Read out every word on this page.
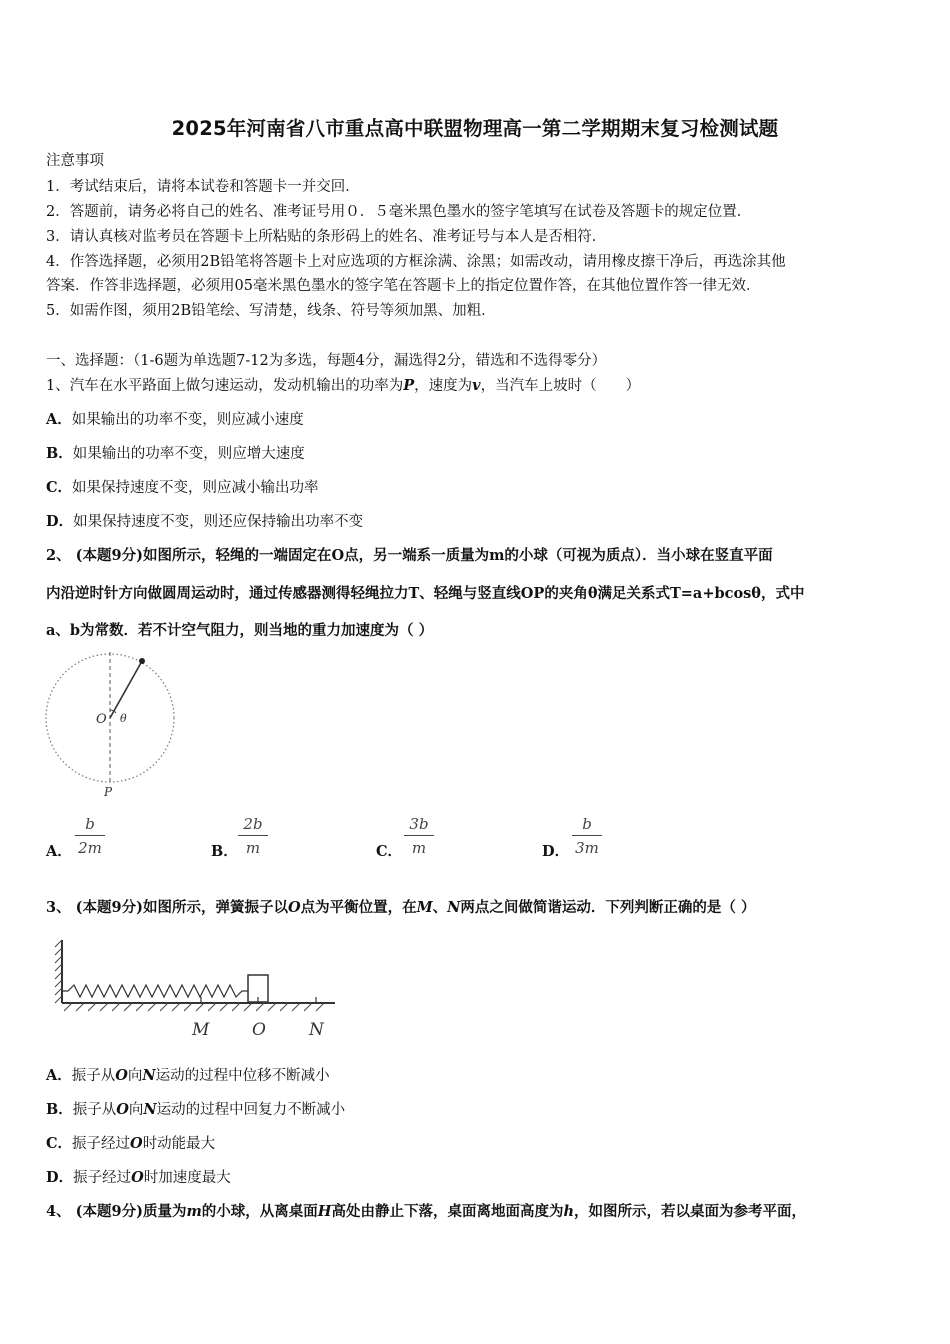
2025年河南省八市重点高中联盟物理高一第二学期期末复习检测试题
注意事项
1．考试结束后，请将本试卷和答题卡一并交回．
2．答题前，请务必将自己的姓名、准考证号用０．５毫米黑色墨水的签字笔填写在试卷及答题卡的规定位置．
3．请认真核对监考员在答题卡上所粘贴的条形码上的姓名、准考证号与本人是否相符．
4．作答选择题，必须用2B铅笔将答题卡上对应选项的方框涂满、涂黑；如需改动，请用橡皮擦干净后，再选涂其他
答案．作答非选择题，必须用05毫米黑色墨水的签字笔在答题卡上的指定位置作答，在其他位置作答一律无效．
5．如需作图，须用2B铅笔绘、写清楚，线条、符号等须加黑、加粗．
一、选择题：（1-6题为单选题7-12为多选，每题4分，漏选得2分，错选和不选得零分）
1、汽车在水平路面上做匀速运动，发动机输出的功率为P，速度为v，当汽车上坡时（　　）
A．如果输出的功率不变，则应减小速度
B．如果输出的功率不变，则应增大速度
C．如果保持速度不变，则应减小输出功率
D．如果保持速度不变，则还应保持输出功率不变
2、 (本题9分)如图所示，轻绳的一端固定在O点，另一端系一质量为m的小球（可视为质点）．当小球在竖直平面
内沿逆时针方向做圆周运动时，通过传感器测得轻绳拉力T、轻绳与竖直线OP的夹角θ满足关系式T=a+bcosθ，式中
a、b为常数．若不计空气阻力，则当地的重力加速度为（ ）
O θ
P
A． $\frac{b}{2m}$	B． $\frac{2b}{m}$	C． $\frac{3b}{m}$	D． $\frac{b}{3m}$
3、 (本题9分)如图所示，弹簧振子以O点为平衡位置，在M、N两点之间做简谐运动．下列判断正确的是（ ）
M	O	N
A．振子从O向N运动的过程中位移不断减小
B．振子从O向N运动的过程中回复力不断减小
C．振子经过O时动能最大
D．振子经过O时加速度最大
4、 (本题9分)质量为m的小球，从离桌面H高处由静止下落，桌面离地面高度为h，如图所示，若以桌面为参考平面，
